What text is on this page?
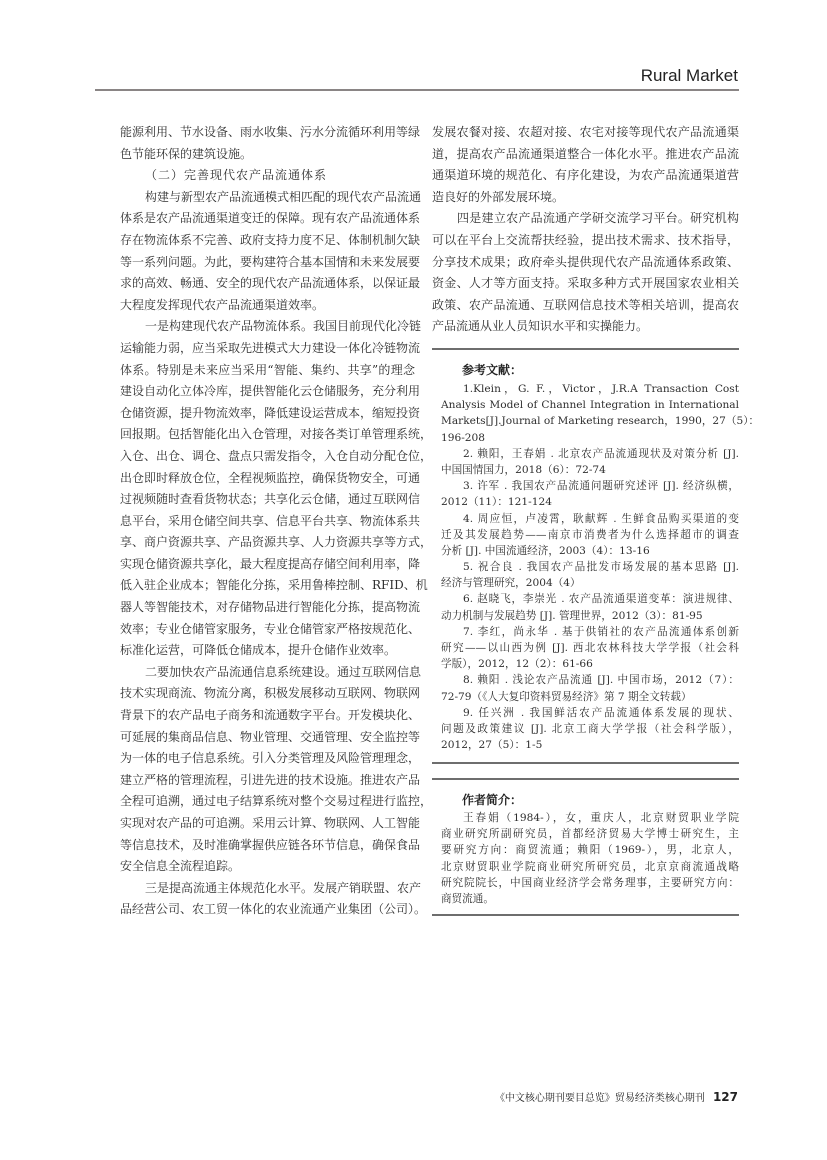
Rural Market
能源利用、节水设备、雨水收集、污水分流循环利用等绿
色节能环保的建筑设施。
（二）完善现代农产品流通体系
构建与新型农产品流通模式相匹配的现代农产品流通
体系是农产品流通渠道变迁的保障。现有农产品流通体系
存在物流体系不完善、政府支持力度不足、体制机制欠缺
等一系列问题。为此，要构建符合基本国情和未来发展要
求的高效、畅通、安全的现代农产品流通体系，以保证最
大程度发挥现代农产品流通渠道效率。
一是构建现代农产品物流体系。我国目前现代化冷链
运输能力弱，应当采取先进模式大力建设一体化冷链物流
体系。特别是未来应当采用“智能、集约、共享”的理念
建设自动化立体冷库，提供智能化云仓储服务，充分利用
仓储资源，提升物流效率，降低建设运营成本，缩短投资
回报期。包括智能化出入仓管理，对接各类订单管理系统，
入仓、出仓、调仓、盘点只需发指令，入仓自动分配仓位，
出仓即时释放仓位，全程视频监控，确保货物安全，可通
过视频随时查看货物状态；共享化云仓储，通过互联网信
息平台，采用仓储空间共享、信息平台共享、物流体系共
享、商户资源共享、产品资源共享、人力资源共享等方式，
实现仓储资源共享化，最大程度提高存储空间利用率，降
低入驻企业成本；智能化分拣，采用鲁棒控制、RFID、机
器人等智能技术，对存储物品进行智能化分拣，提高物流
效率；专业仓储管家服务，专业仓储管家严格按规范化、
标准化运营，可降低仓储成本，提升仓储作业效率。
二要加快农产品流通信息系统建设。通过互联网信息
技术实现商流、物流分离，积极发展移动互联网、物联网
背景下的农产品电子商务和流通数字平台。开发模块化、
可延展的集商品信息、物业管理、交通管理、安全监控等
为一体的电子信息系统。引入分类管理及风险管理理念，
建立严格的管理流程，引进先进的技术设施。推进农产品
全程可追溯，通过电子结算系统对整个交易过程进行监控，
实现对农产品的可追溯。采用云计算、物联网、人工智能
等信息技术，及时准确掌握供应链各环节信息，确保食品
安全信息全流程追踪。
三是提高流通主体规范化水平。发展产销联盟、农产
品经营公司、农工贸一体化的农业流通产业集团（公司）。
发展农餐对接、农超对接、农宅对接等现代农产品流通渠
道，提高农产品流通渠道整合一体化水平。推进农产品流
通渠道环境的规范化、有序化建设，为农产品流通渠道营
造良好的外部发展环境。
四是建立农产品流通产学研交流学习平台。研究机构
可以在平台上交流帮扶经验，提出技术需求、技术指导，
分享技术成果；政府牵头提供现代农产品流通体系政策、
资金、人才等方面支持。采取多种方式开展国家农业相关
政策、农产品流通、互联网信息技术等相关培训，提高农
产品流通从业人员知识水平和实操能力。
参考文献：
1.Klein，G. F.，Victor，J.R.A Transaction Cost
Analysis Model of Channel Integration in International
Markets[J].Journal of Marketing research，1990，27（5）：
196-208
2. 赖阳，王春娟 . 北京农产品流通现状及对策分析 [J].
中国国情国力，2018（6）：72-74
3. 许军 . 我国农产品流通问题研究述评 [J]. 经济纵横，
2012（11）：121-124
4. 周应恒，卢凌霄，耿献辉 . 生鲜食品购买渠道的变
迁及其发展趋势——南京市消费者为什么选择超市的调查
分析 [J]. 中国流通经济，2003（4）：13-16
5. 祝合良 . 我国农产品批发市场发展的基本思路 [J].
经济与管理研究，2004（4）
6. 赵晓飞，李崇光 . 农产品流通渠道变革：演进规律、
动力机制与发展趋势 [J]. 管理世界，2012（3）：81-95
7. 李红，尚永华 . 基于供销社的农产品流通体系创新
研究——以山西为例 [J]. 西北农林科技大学学报（社会科
学版），2012，12（2）：61-66
8. 赖阳 . 浅论农产品流通 [J]. 中国市场，2012（7）：
72-79（《人大复印资料贸易经济》第 7 期全文转载）
9. 任兴洲 . 我国鲜活农产品流通体系发展的现状、
问题及政策建议 [J]. 北京工商大学学报（社会科学版），
2012，27（5）：1-5
作者简介：
王春娟（1984-），女，重庆人，北京财贸职业学院
商业研究所副研究员，首都经济贸易大学博士研究生，主
要研究方向：商贸流通；赖阳（1969-），男，北京人，
北京财贸职业学院商业研究所研究员，北京京商流通战略
研究院院长，中国商业经济学会常务理事，主要研究方向：
商贸流通。
《中文核心期刊要目总览》贸易经济类核心期刊 127
